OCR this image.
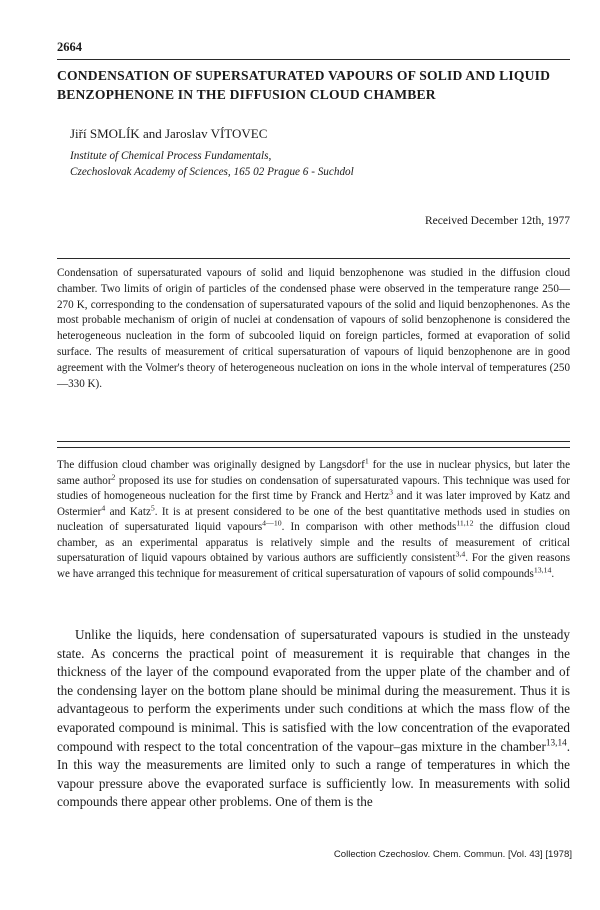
2664
CONDENSATION OF SUPERSATURATED VAPOURS OF SOLID AND LIQUID BENZOPHENONE IN THE DIFFUSION CLOUD CHAMBER
Jiří SMOLÍK and Jaroslav VÍTOVEC
Institute of Chemical Process Fundamentals,
Czechoslovak Academy of Sciences, 165 02 Prague 6 - Suchdol
Received December 12th, 1977
Condensation of supersaturated vapours of solid and liquid benzophenone was studied in the diffusion cloud chamber. Two limits of origin of particles of the condensed phase were observed in the temperature range 250—270 K, corresponding to the condensation of supersaturated vapours of the solid and liquid benzophenones. As the most probable mechanism of origin of nuclei at condensation of vapours of solid benzophenone is considered the heterogeneous nucleation in the form of subcooled liquid on foreign particles, formed at evaporation of solid surface. The results of measurement of critical supersaturation of vapours of liquid benzophenone are in good agreement with the Volmer's theory of heterogeneous nucleation on ions in the whole interval of temperatures (250—330 K).
The diffusion cloud chamber was originally designed by Langsdorf$^1$ for the use in nuclear physics, but later the same author$^2$ proposed its use for studies on condensation of supersaturated vapours. This technique was used for studies of homogeneous nucleation for the first time by Franck and Hertz$^3$ and it was later improved by Katz and Ostermier$^4$ and Katz$^5$. It is at present considered to be one of the best quantitative methods used in studies on nucleation of supersaturated liquid vapours$^{4—10}$. In comparison with other methods$^{11,12}$ the diffusion cloud chamber, as an experimental apparatus is relatively simple and the results of measurement of critical supersaturation of liquid vapours obtained by various authors are sufficiently consistent$^{3,4}$. For the given reasons we have arranged this technique for measurement of critical supersaturation of vapours of solid compounds$^{13,14}$.
Unlike the liquids, here condensation of supersaturated vapours is studied in the unsteady state. As concerns the practical point of measurement it is requirable that changes in the thickness of the layer of the compound evaporated from the upper plate of the chamber and of the condensing layer on the bottom plane should be minimal during the measurement. Thus it is advantageous to perform the experiments under such conditions at which the mass flow of the evaporated compound is minimal. This is satisfied with the low concentration of the evaporated compound with respect to the total concentration of the vapour–gas mixture in the chamber$^{13,14}$. In this way the measurements are limited only to such a range of temperatures in which the vapour pressure above the evaporated surface is sufficiently low. In measurements with solid compounds there appear other problems. One of them is the
Collection Czechoslov. Chem. Commun. [Vol. 43] [1978]
